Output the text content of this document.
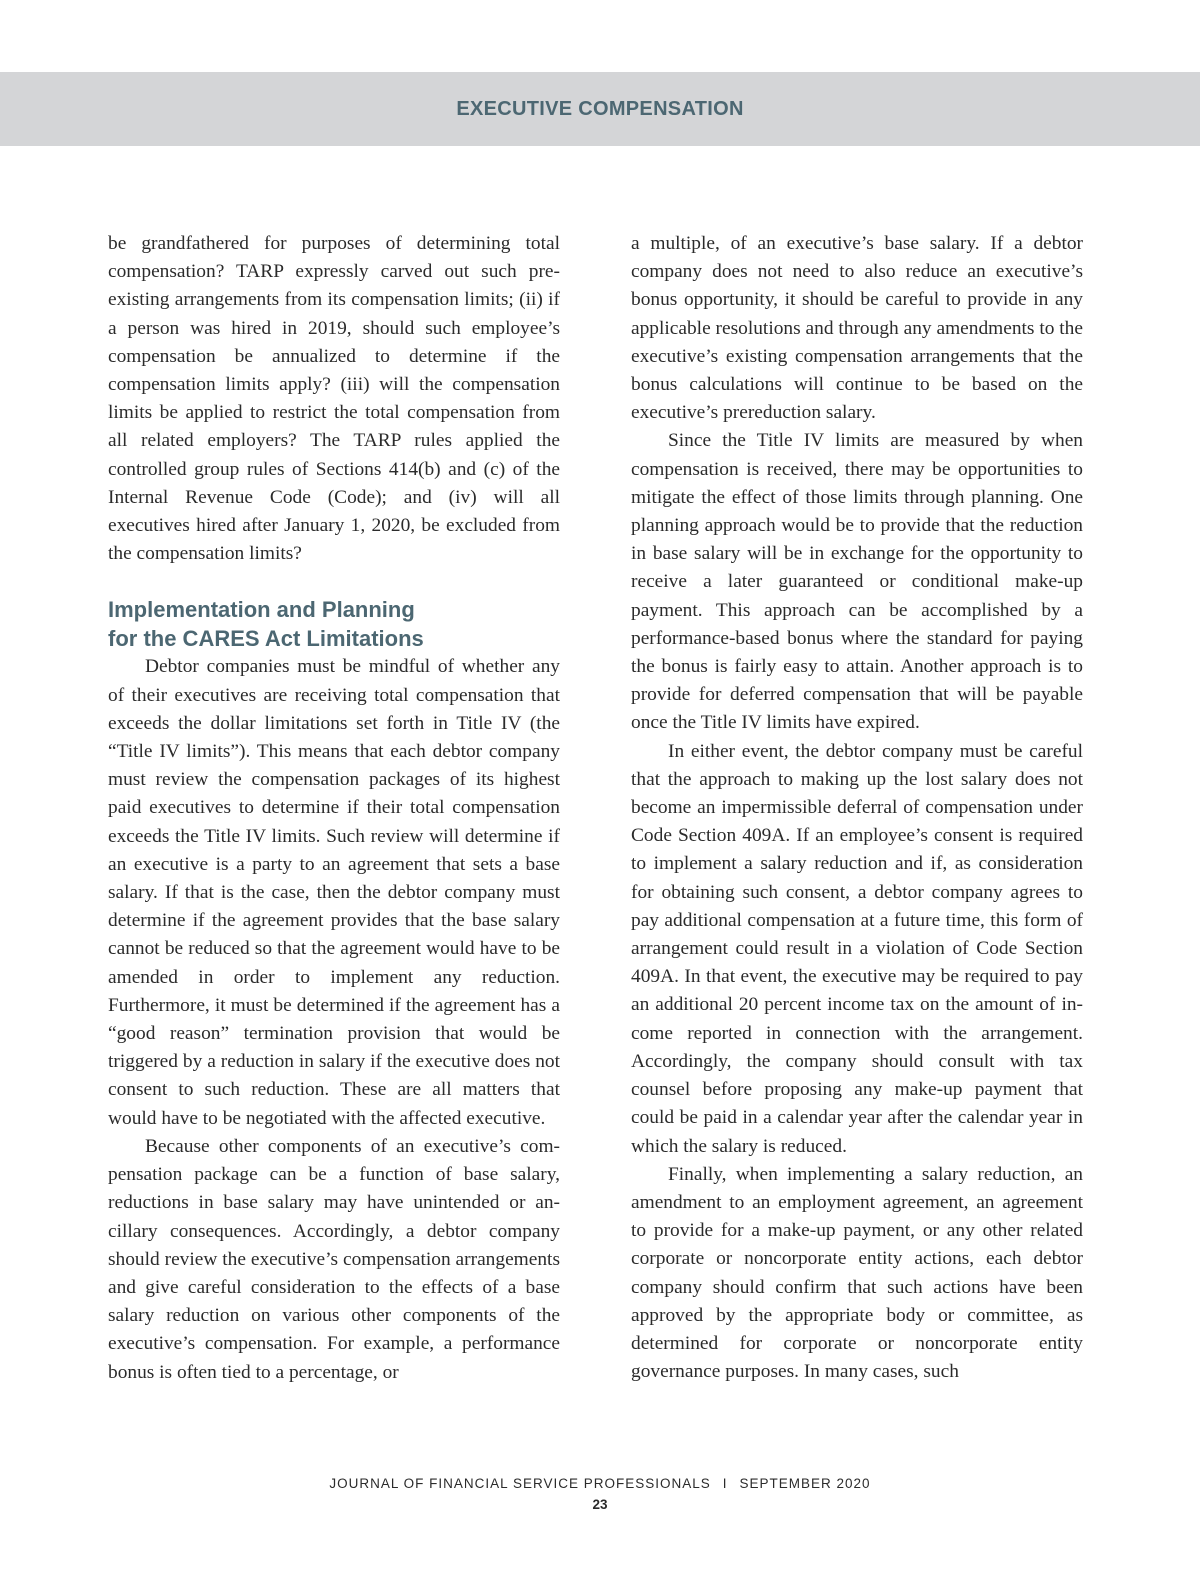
EXECUTIVE COMPENSATION

be grandfathered for purposes of determining total compensation? TARP expressly carved out such pre-existing arrangements from its compensation limits; (ii) if a person was hired in 2019, should such employee’s compensation be annualized to determine if the compensation limits apply? (iii) will the compensation limits be applied to restrict the total compensation from all related employers? The TARP rules applied the controlled group rules of Sections 414(b) and (c) of the Internal Revenue Code (Code); and (iv) will all executives hired after January 1, 2020, be excluded from the compensation limits?

Implementation and Planning
for the CARES Act Limitations

Debtor companies must be mindful of whether any of their executives are receiving total compensation that exceeds the dollar limitations set forth in Title IV (the “Title IV limits”). This means that each debtor company must review the compensation packages of its highest paid executives to determine if their total compensation exceeds the Title IV limits. Such review will determine if an executive is a party to an agreement that sets a base salary. If that is the case, then the debtor company must determine if the agreement provides that the base salary cannot be reduced so that the agreement would have to be amended in order to implement any reduction. Furthermore, it must be determined if the agreement has a “good reason” termination provision that would be triggered by a reduction in salary if the executive does not consent to such reduction. These are all matters that would have to be negotiated with the affected executive.

Because other components of an executive’s compensation package can be a function of base salary, reductions in base salary may have unintended or ancillary consequences. Accordingly, a debtor company should review the executive’s compensation arrangements and give careful consideration to the effects of a base salary reduction on various other components of the executive’s compensation. For example, a performance bonus is often tied to a percentage, or

a multiple, of an executive’s base salary. If a debtor company does not need to also reduce an executive’s bonus opportunity, it should be careful to provide in any applicable resolutions and through any amendments to the executive’s existing compensation arrangements that the bonus calculations will continue to be based on the executive’s prereduction salary.

Since the Title IV limits are measured by when compensation is received, there may be opportunities to mitigate the effect of those limits through planning. One planning approach would be to provide that the reduction in base salary will be in exchange for the opportunity to receive a later guaranteed or conditional make-up payment. This approach can be accomplished by a performance-based bonus where the standard for paying the bonus is fairly easy to attain. Another approach is to provide for deferred compensation that will be payable once the Title IV limits have expired.

In either event, the debtor company must be careful that the approach to making up the lost salary does not become an impermissible deferral of compensation under Code Section 409A. If an employee’s consent is required to implement a salary reduction and if, as consideration for obtaining such consent, a debtor company agrees to pay additional compensation at a future time, this form of arrangement could result in a violation of Code Section 409A. In that event, the executive may be required to pay an additional 20 percent income tax on the amount of income reported in connection with the arrangement. Accordingly, the company should consult with tax counsel before proposing any make-up payment that could be paid in a calendar year after the calendar year in which the salary is reduced.

Finally, when implementing a salary reduction, an amendment to an employment agreement, an agreement to provide for a make-up payment, or any other related corporate or noncorporate entity actions, each debtor company should confirm that such actions have been approved by the appropriate body or committee, as determined for corporate or noncorporate entity governance purposes. In many cases, such

JOURNAL OF FINANCIAL SERVICE PROFESSIONALS I SEPTEMBER 2020
23
